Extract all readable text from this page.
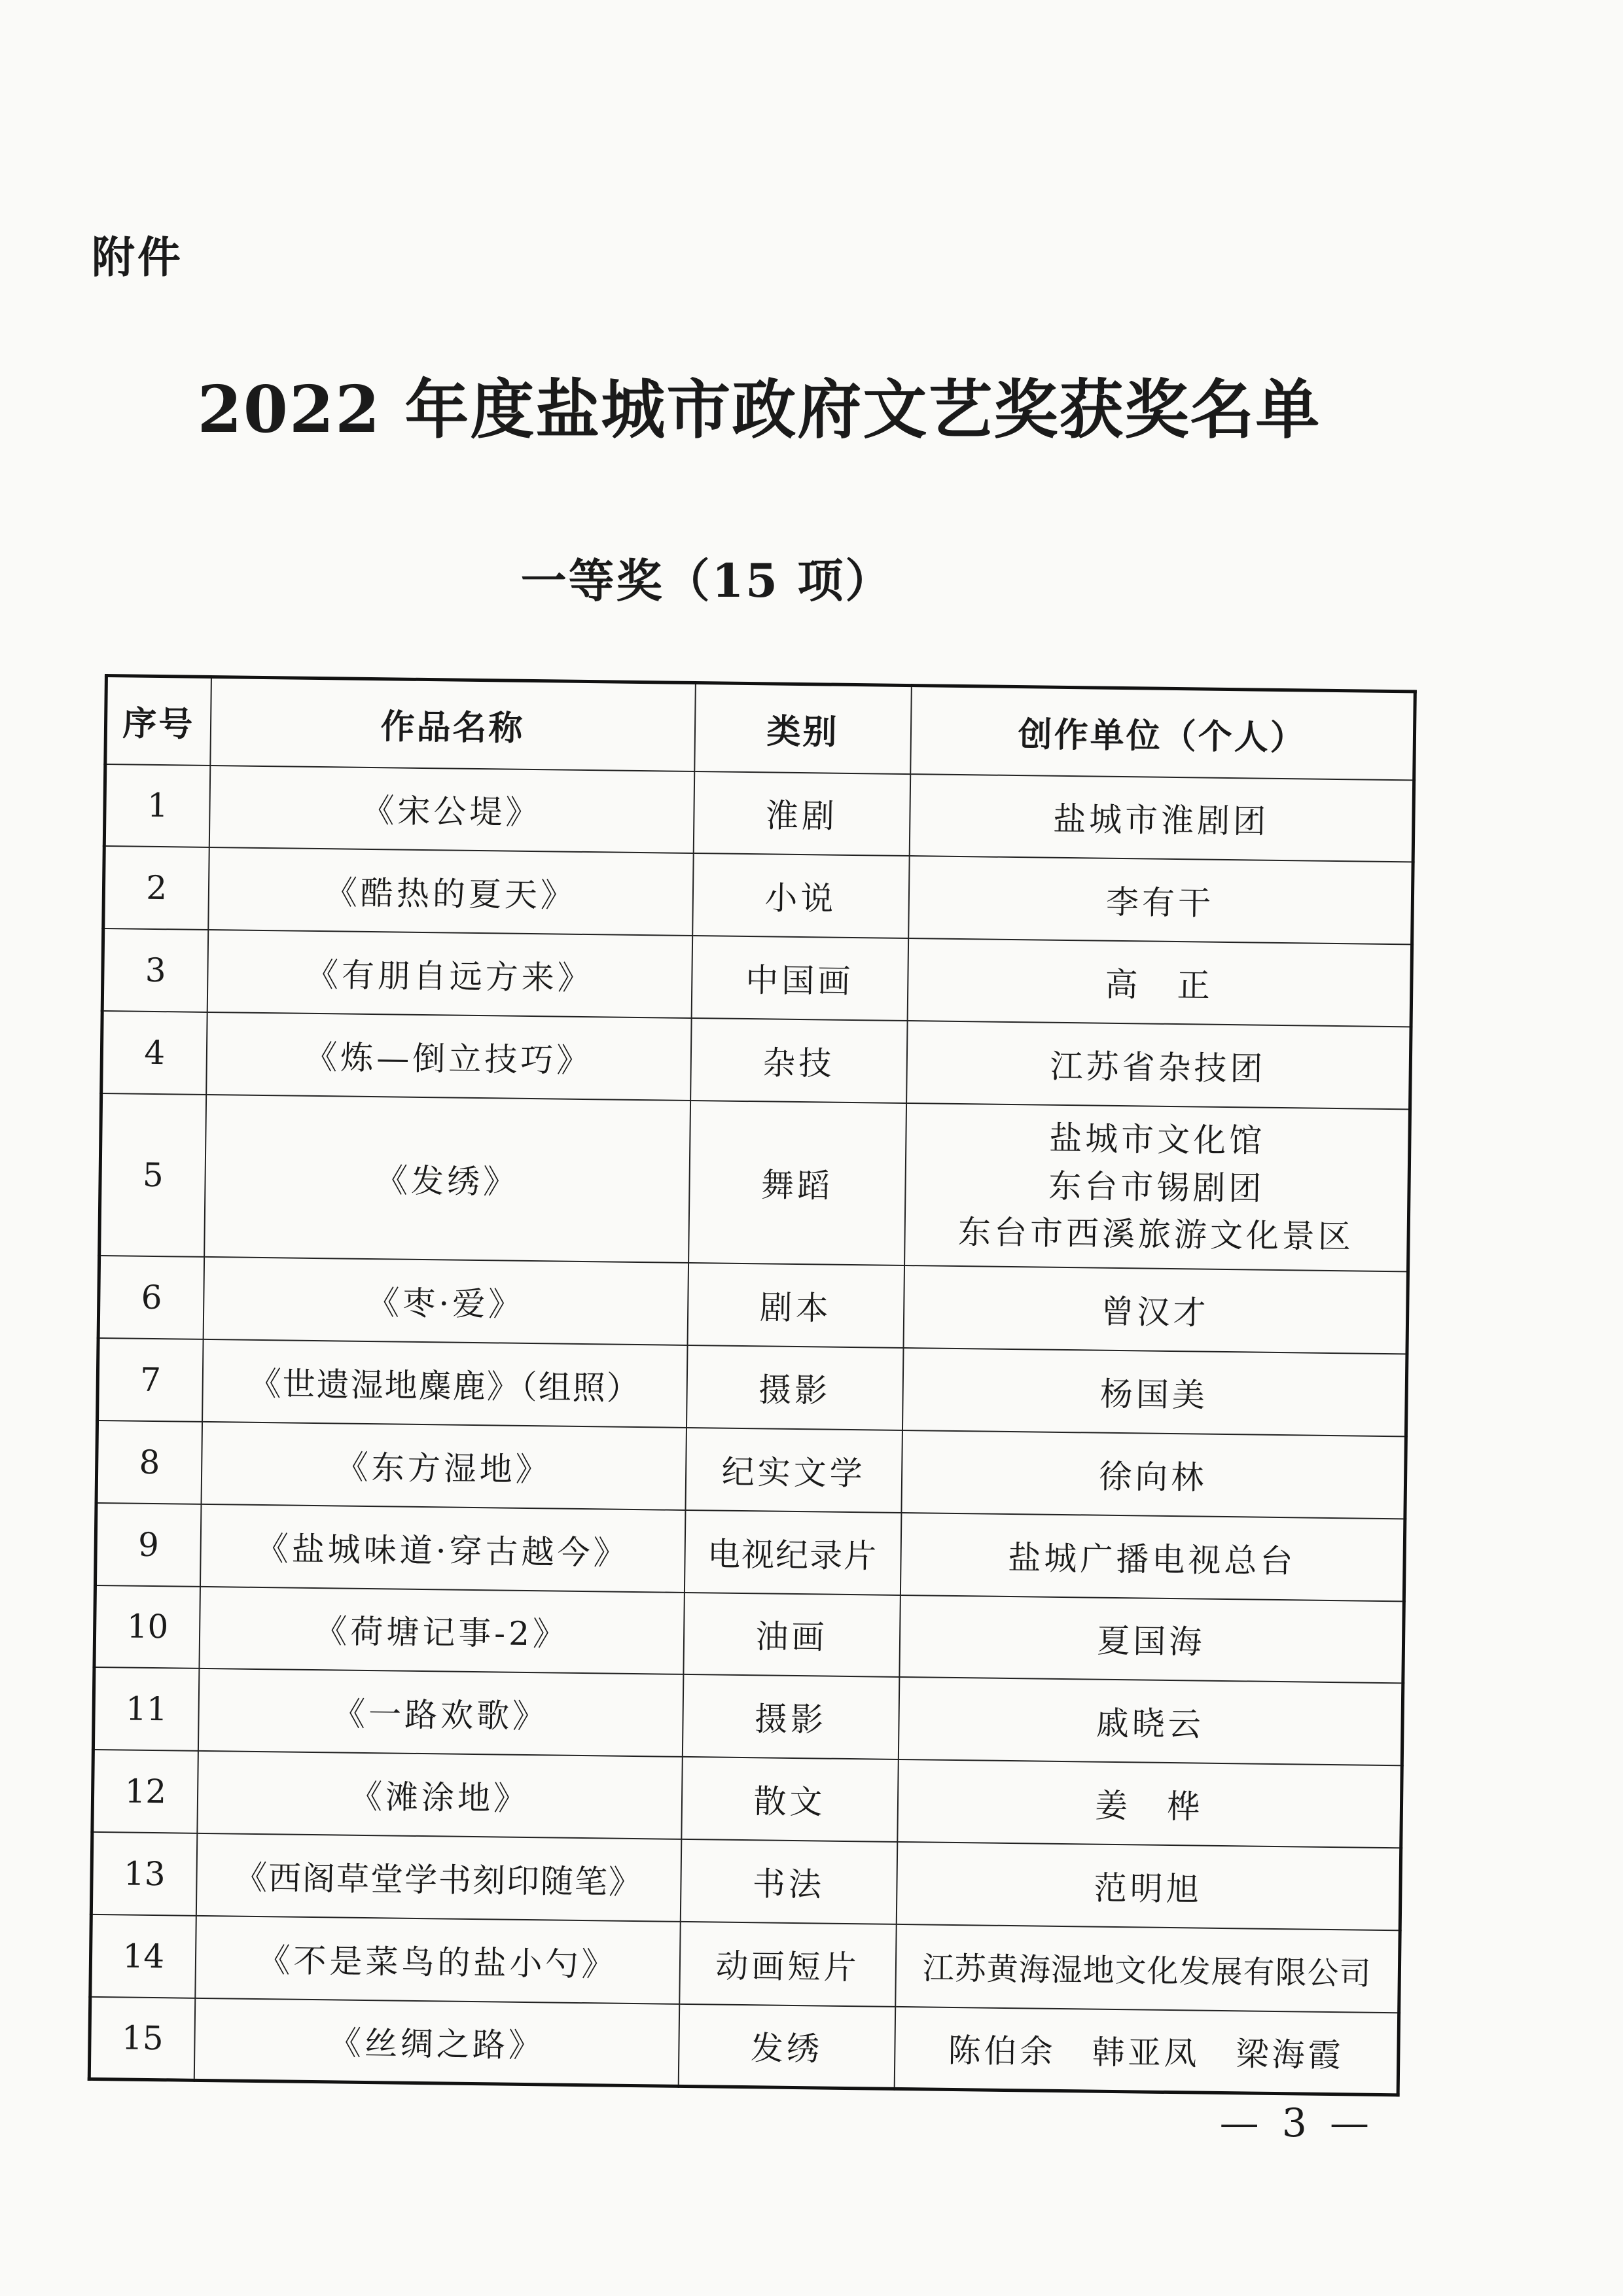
附件
2022 年度盐城市政府文艺奖获奖名单
一等奖（15 项）
序号	作品名称	类别	创作单位（个人）
1	《宋公堤》	淮剧	盐城市淮剧团
2	《酷热的夏天》	小说	李有干
3	《有朋自远方来》	中国画	高　正
4	《炼—倒立技巧》	杂技	江苏省杂技团
5	《发绣》	舞蹈	盐城市文化馆
东台市锡剧团
东台市西溪旅游文化景区

6	《枣·爱》	剧本	曾汉才
7	《世遗湿地麋鹿》（组照）	摄影	杨国美
8	《东方湿地》	纪实文学	徐向林
9	《盐城味道·穿古越今》	电视纪录片	盐城广播电视总台
10	《荷塘记事-2》	油画	夏国海
11	《一路欢歌》	摄影	戚晓云
12	《滩涂地》	散文	姜　桦
13	《西阁草堂学书刻印随笔》	书法	范明旭
14	《不是菜鸟的盐小勺》	动画短片	江苏黄海湿地文化发展有限公司
15	《丝绸之路》	发绣	陈伯余　韩亚凤　梁海霞
— 3 —
